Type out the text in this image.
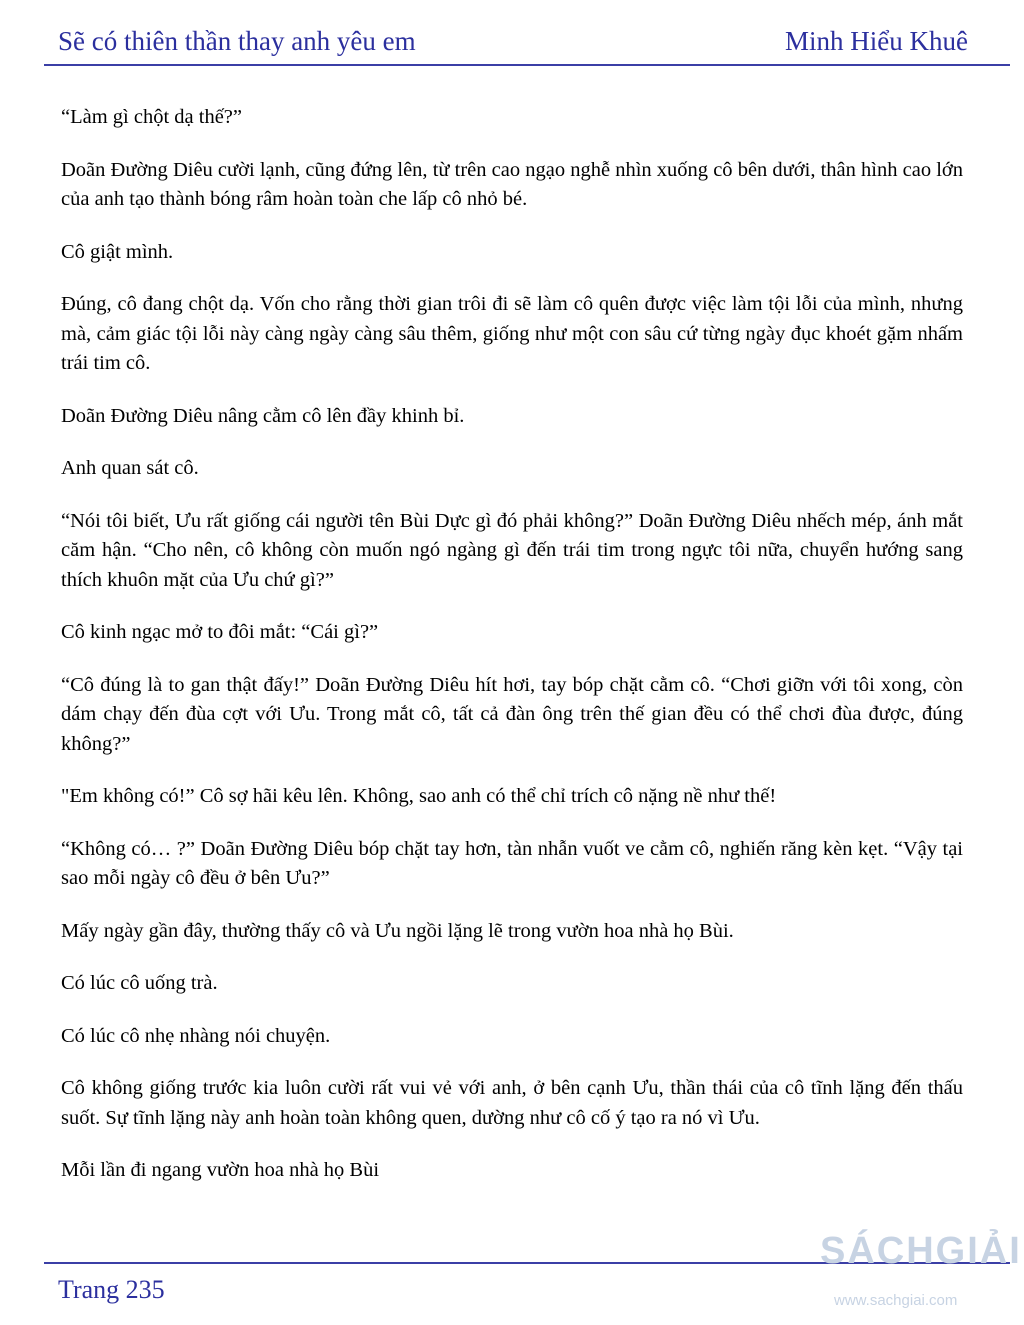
Sẽ có thiên thần thay anh yêu em	Minh Hiểu Khuê

“Làm gì chột dạ thế?”

Doãn Đường Diêu cười lạnh, cũng đứng lên, từ trên cao ngạo nghễ nhìn xuống cô bên dưới, thân hình cao lớn của anh tạo thành bóng râm hoàn toàn che lấp cô nhỏ bé.

Cô giật mình.

Đúng, cô đang chột dạ. Vốn cho rằng thời gian trôi đi sẽ làm cô quên được việc làm tội lỗi của mình, nhưng mà, cảm giác tội lỗi này càng ngày càng sâu thêm, giống như một con sâu cứ từng ngày đục khoét gặm nhấm trái tim cô.

Doãn Đường Diêu nâng cằm cô lên đầy khinh bỉ.

Anh quan sát cô.

“Nói tôi biết, Ưu rất giống cái người tên Bùi Dực gì đó phải không?” Doãn Đường Diêu nhếch mép, ánh mắt căm hận. “Cho nên, cô không còn muốn ngó ngàng gì đến trái tim trong ngực tôi nữa, chuyển hướng sang thích khuôn mặt của Ưu chứ gì?”

Cô kinh ngạc mở to đôi mắt: “Cái gì?”

“Cô đúng là to gan thật đấy!” Doãn Đường Diêu hít hơi, tay bóp chặt cằm cô. “Chơi giỡn với tôi xong, còn dám chạy đến đùa cợt với Ưu. Trong mắt cô, tất cả đàn ông trên thế gian đều có thể chơi đùa được, đúng không?”

"Em không có!” Cô sợ hãi kêu lên. Không, sao anh có thể chỉ trích cô nặng nề như thế!

“Không có… ?” Doãn Đường Diêu bóp chặt tay hơn, tàn nhẫn vuốt ve cằm cô, nghiến răng kèn kẹt. “Vậy tại sao mỗi ngày cô đều ở bên Ưu?”

Mấy ngày gần đây, thường thấy cô và Ưu ngồi lặng lẽ trong vườn hoa nhà họ Bùi.

Có lúc cô uống trà.

Có lúc cô nhẹ nhàng nói chuyện.

Cô không giống trước kia luôn cười rất vui vẻ với anh, ở bên cạnh Ưu, thần thái của cô tĩnh lặng đến thấu suốt. Sự tĩnh lặng này anh hoàn toàn không quen, dường như cô cố ý tạo ra nó vì Ưu.

Mỗi lần đi ngang vườn hoa nhà họ Bùi

Trang 235
SÁCHGIẢI
www.sachgiai.com
